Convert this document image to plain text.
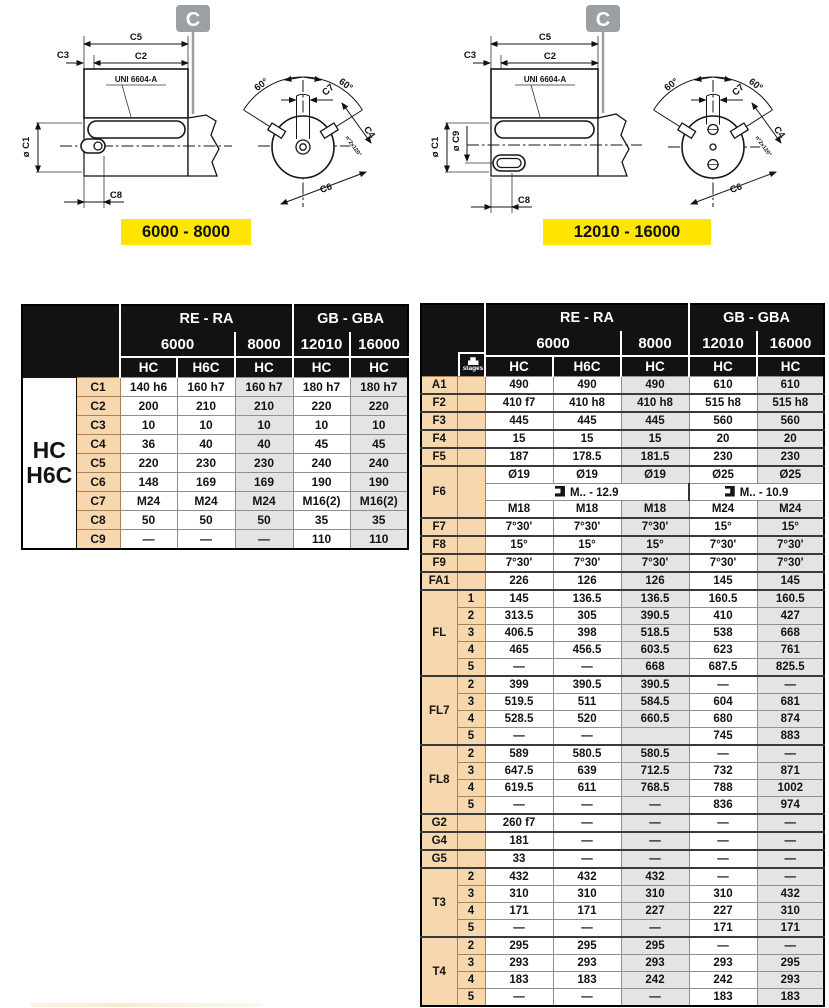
C
C5
C2
C3
UNI 6604-A
ø C1
C8
60°	60°
C7
C4
n°2x120°
C6
6000 - 8000
C
C5
C2
C3
UNI 6604-A
ø C1 ø C9
C8
60°	60°
C7
C4
n°2x120°
C6
12010 - 16000
		RE - RA			GB - GBA	
		6000		8000	12010	16000
		HC	H6C	HC	HC	HC

HC
H6C	C1	140 h6	160 h7	160 h7	180 h7	180 h7
	C2	200	210	210	220	220
	C3	10	10	10	10	10
	C4	36	40	40	45	45
	C5	220	230	230	240	240
	C6	148	169	169	190	190
	C7	M24	M24	M24	M16(2)	M16(2)
	C8	50	50	50	35	35
	C9	—	—	—	110	110
stages		RE - RA			GB - GBA	
		6000		8000	12010	16000
		HC	H6C	HC	HC	HC
A1		490	490	490	610	610
F2		410 f7	410 h8	410 h8	515 h8	515 h8
F3		445	445	445	560	560
F4		15	15	15	20	20
F5		187	178.5	181.5	230	230
F6		Ø19	Ø19	Ø19	Ø25	Ø25
		M.. - 12.9			M.. - 10.9	
		M18	M18	M18	M24	M24
F7		7°30'	7°30'	7°30'	15°	15°
F8		15°	15°	15°	7°30'	7°30'
F9		7°30'	7°30'	7°30'	7°30'	7°30'
FA1		226	126	126	145	145
FL	1	145	136.5	136.5	160.5	160.5
	2	313.5	305	390.5	410	427
	3	406.5	398	518.5	538	668
	4	465	456.5	603.5	623	761
	5	—	—	668	687.5	825.5
FL7	2	399	390.5	390.5	—	—
	3	519.5	511	584.5	604	681
	4	528.5	520	660.5	680	874
	5	—	—		745	883
FL8	2	589	580.5	580.5	—	—
	3	647.5	639	712.5	732	871
	4	619.5	611	768.5	788	1002
	5	—	—	—	836	974
G2		260 f7	—	—	—	—
G4		181	—	—	—	—
G5		33	—	—	—	—
T3	2	432	432	432	—	—
	3	310	310	310	310	432
	4	171	171	227	227	310
	5	—	—	—	171	171
T4	2	295	295	295	—	—
	3	293	293	293	293	295
	4	183	183	242	242	293
	5	—	—	—	183	183
